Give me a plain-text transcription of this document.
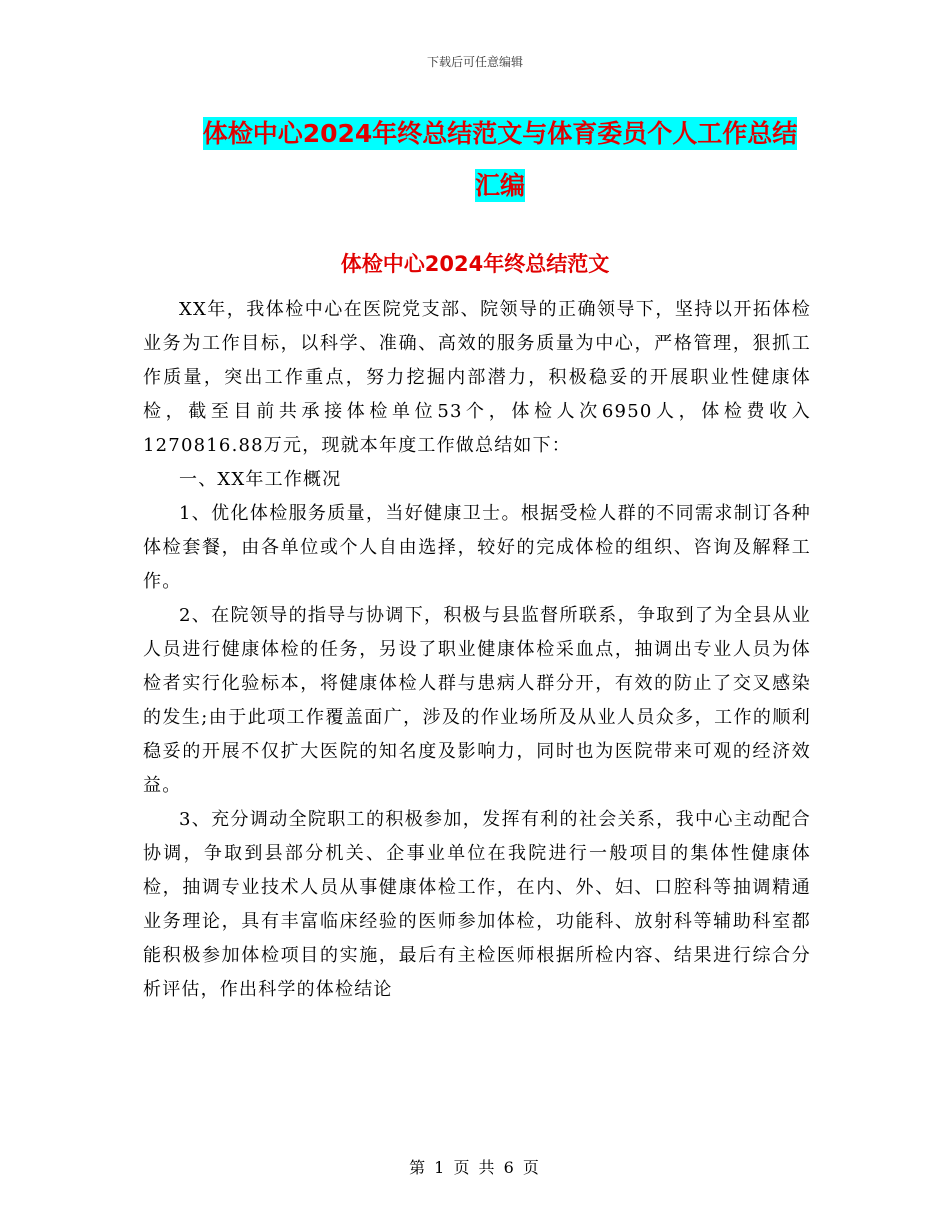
下载后可任意编辑
体检中心2024年终总结范文与体育委员个人工作总结
汇编
体检中心2024年终总结范文

XX年，我体检中心在医院党支部、院领导的正确领导下，坚持以开拓体检业务为工作目标，以科学、准确、高效的服务质量为中心，严格管理，狠抓工作质量，突出工作重点，努力挖掘内部潜力，积极稳妥的开展职业性健康体检，截至目前共承接体检单位53个，体检人次6950人，体检费收入1270816.88万元，现就本年度工作做总结如下：

一、XX年工作概况

1、优化体检服务质量，当好健康卫士。根据受检人群的不同需求制订各种体检套餐，由各单位或个人自由选择，较好的完成体检的组织、咨询及解释工作。

2、在院领导的指导与协调下，积极与县监督所联系，争取到了为全县从业人员进行健康体检的任务，另设了职业健康体检采血点，抽调出专业人员为体检者实行化验标本，将健康体检人群与患病人群分开，有效的防止了交叉感染的发生;由于此项工作覆盖面广，涉及的作业场所及从业人员众多，工作的顺利稳妥的开展不仅扩大医院的知名度及影响力，同时也为医院带来可观的经济效益。

3、充分调动全院职工的积极参加，发挥有利的社会关系，我中心主动配合协调，争取到县部分机关、企事业单位在我院进行一般项目的集体性健康体检，抽调专业技术人员从事健康体检工作，在内、外、妇、口腔科等抽调精通业务理论，具有丰富临床经验的医师参加体检，功能科、放射科等辅助科室都能积极参加体检项目的实施，最后有主检医师根据所检内容、结果进行综合分析评估，作出科学的体检结论

第 1 页 共 6 页
